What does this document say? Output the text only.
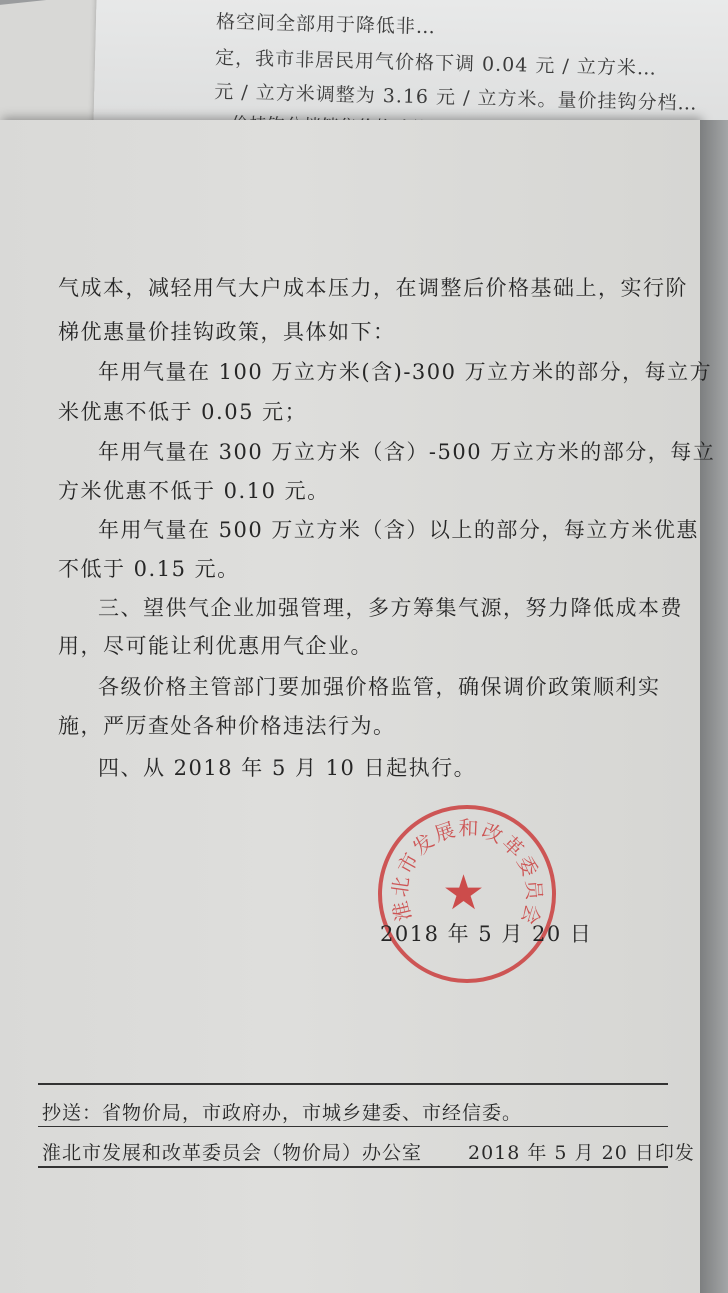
格空间全部用于降低非…
定，我市非居民用气价格下调 0.04 元 / 立方米…
元 / 立方米调整为 3.16 元 / 立方米。量价挂钩分档…
气成本，减轻用气大户成本压力，在调整后价格基础上，实行阶
梯优惠量价挂钩政策，具体如下：
年用气量在 100 万立方米(含)-300 万立方米的部分，每立方
米优惠不低于 0.05 元；
年用气量在 300 万立方米（含）-500 万立方米的部分，每立
方米优惠不低于 0.10 元。
年用气量在 500 万立方米（含）以上的部分，每立方米优惠
不低于 0.15 元。
三、望供气企业加强管理，多方筹集气源，努力降低成本费
用，尽可能让利优惠用气企业。
各级价格主管部门要加强价格监管，确保调价政策顺利实
施，严厉查处各种价格违法行为。
四、从 2018 年 5 月 10 日起执行。
淮北市发展和改革委员会
★
2018 年 5 月 20 日
抄送：省物价局，市政府办，市城乡建委、市经信委。
淮北市发展和改革委员会（物价局）办公室 2018 年 5 月 20 日印发
